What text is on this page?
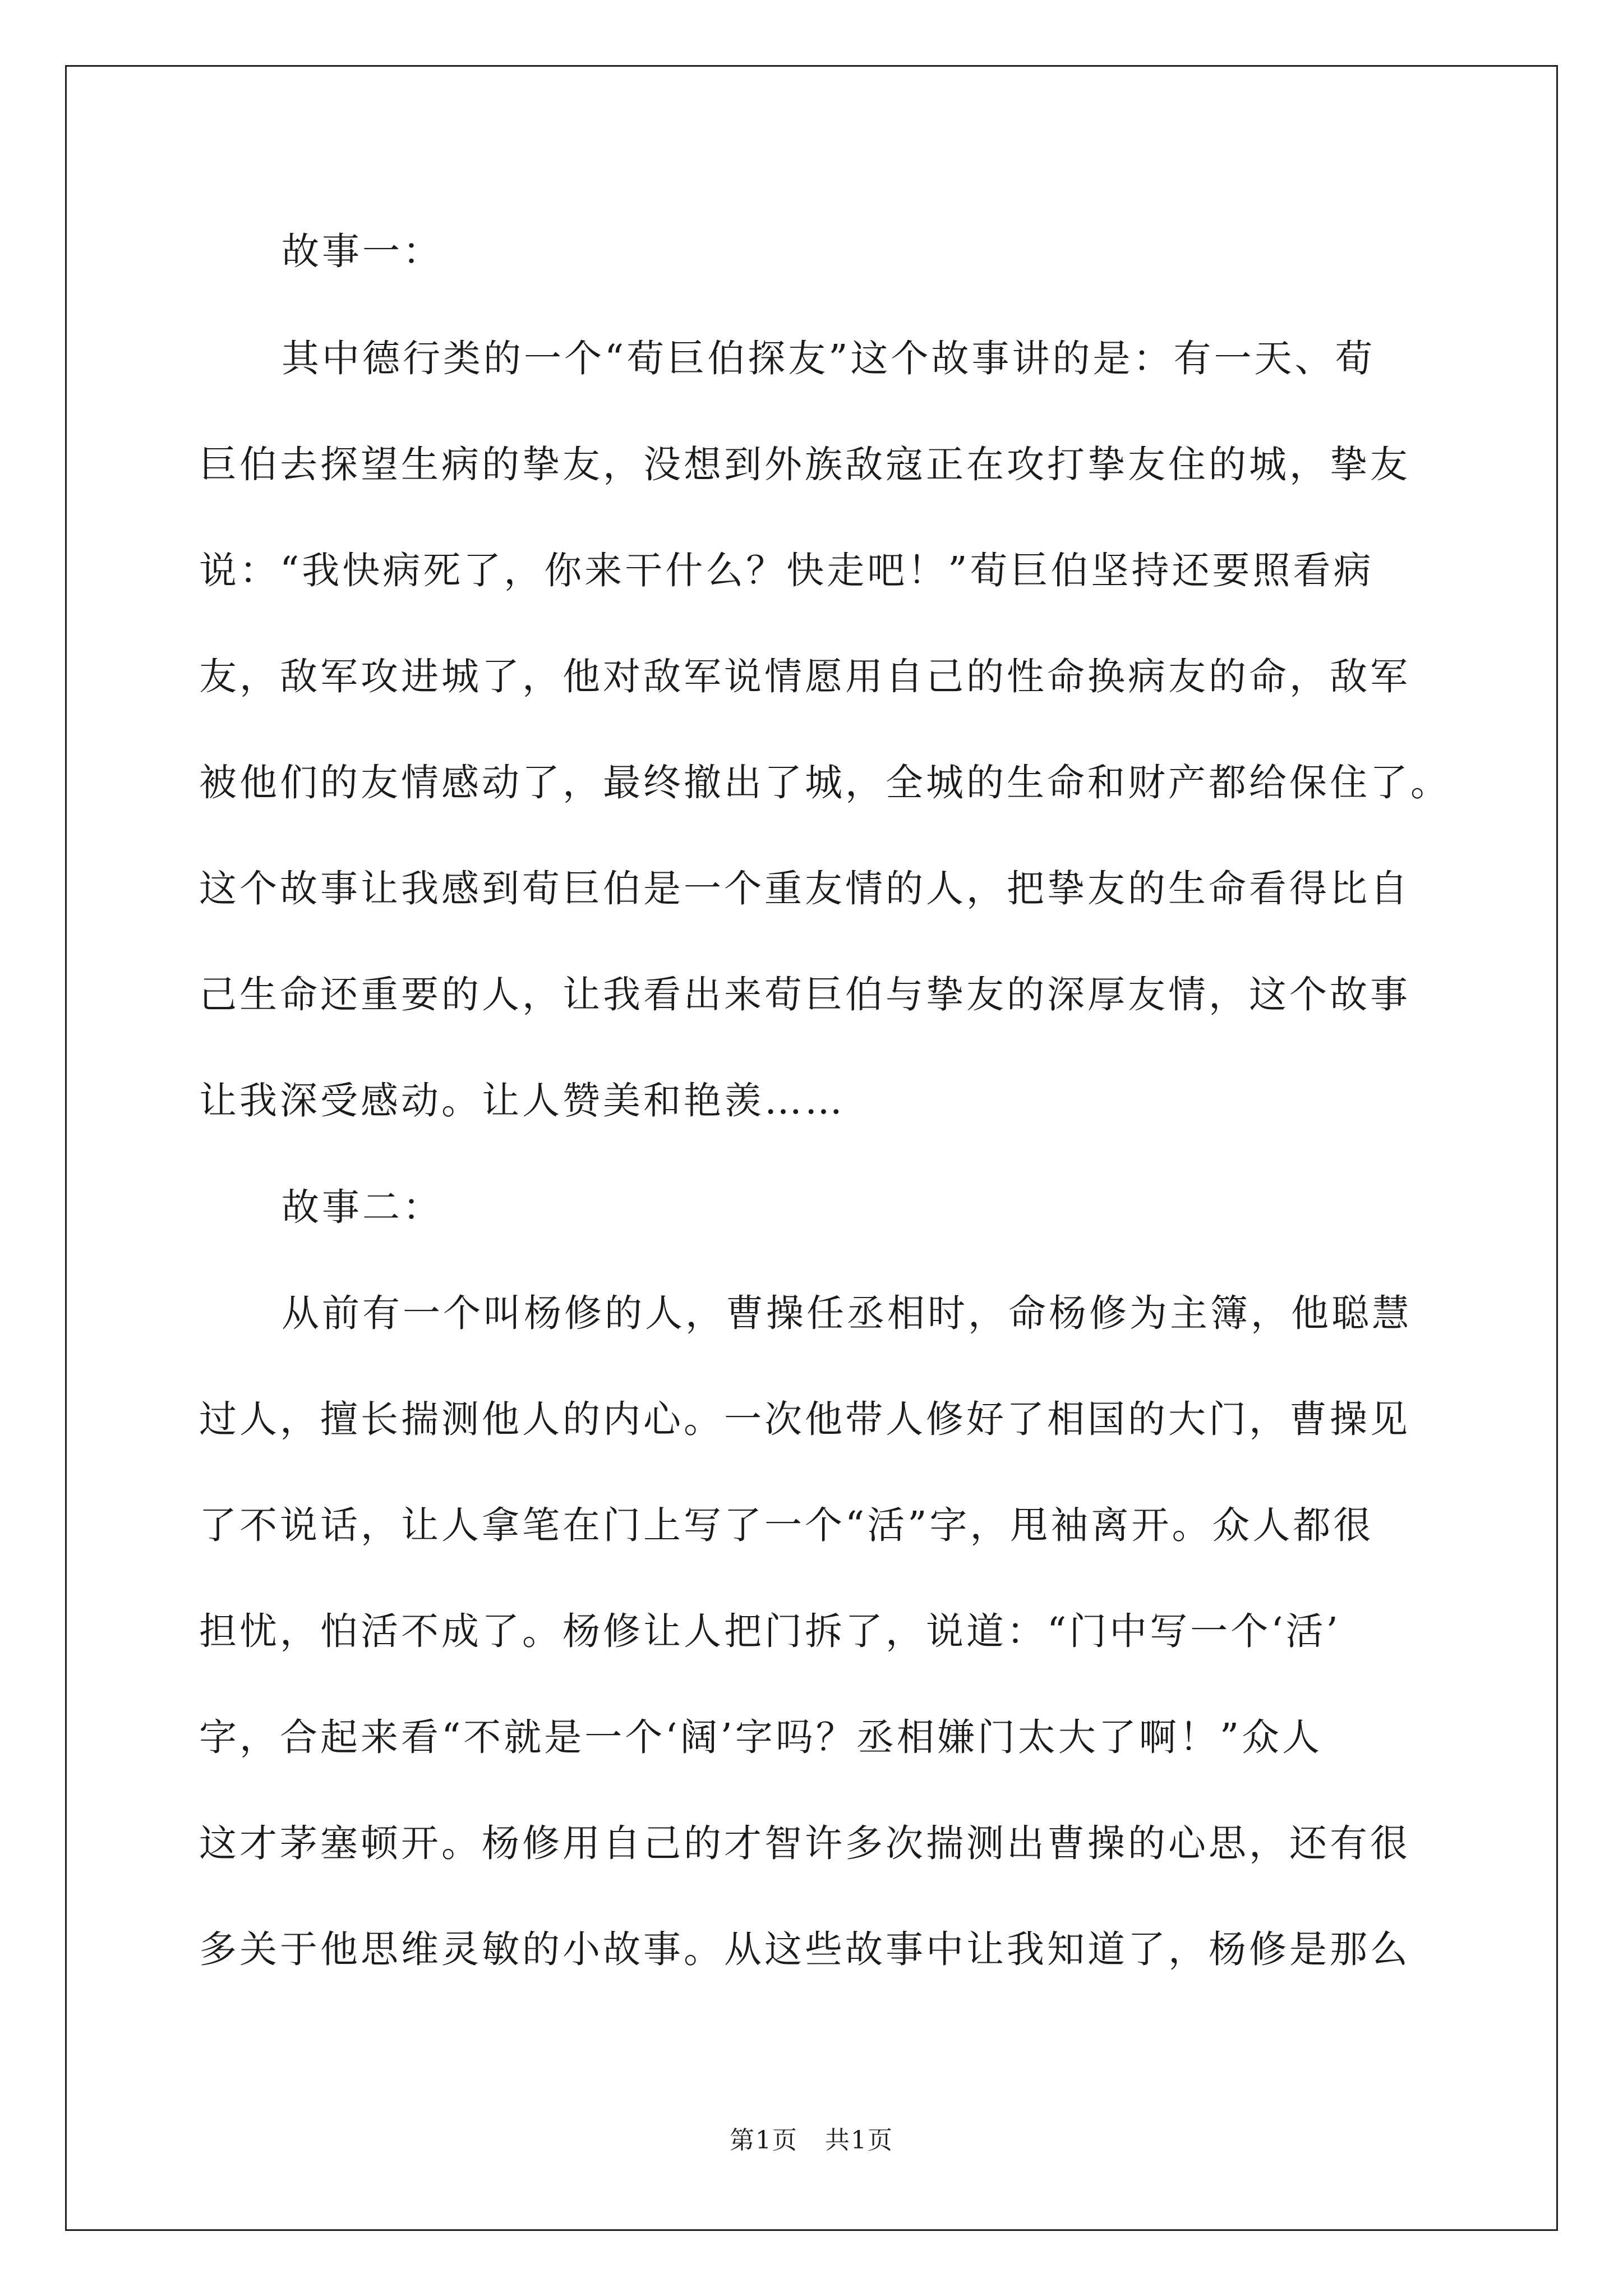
故事一：
其中德行类的一个“荀巨伯探友”这个故事讲的是：有一天、荀
巨伯去探望生病的挚友，没想到外族敌寇正在攻打挚友住的城，挚友
说：“我快病死了，你来干什么？快走吧！”荀巨伯坚持还要照看病
友，敌军攻进城了，他对敌军说情愿用自己的性命换病友的命，敌军
被他们的友情感动了，最终撤出了城，全城的生命和财产都给保住了。
这个故事让我感到荀巨伯是一个重友情的人，把挚友的生命看得比自
己生命还重要的人，让我看出来荀巨伯与挚友的深厚友情，这个故事
让我深受感动。让人赞美和艳羡……
故事二：
从前有一个叫杨修的人，曹操任丞相时，命杨修为主簿，他聪慧
过人，擅长揣测他人的内心。一次他带人修好了相国的大门，曹操见
了不说话，让人拿笔在门上写了一个“活”字，甩袖离开。众人都很
担忧，怕活不成了。杨修让人把门拆了，说道：“门中写一个‘活’
字，合起来看“不就是一个‘阔’字吗？丞相嫌门太大了啊！”众人
这才茅塞顿开。杨修用自己的才智许多次揣测出曹操的心思，还有很
多关于他思维灵敏的小故事。从这些故事中让我知道了，杨修是那么
第1页 共1页
